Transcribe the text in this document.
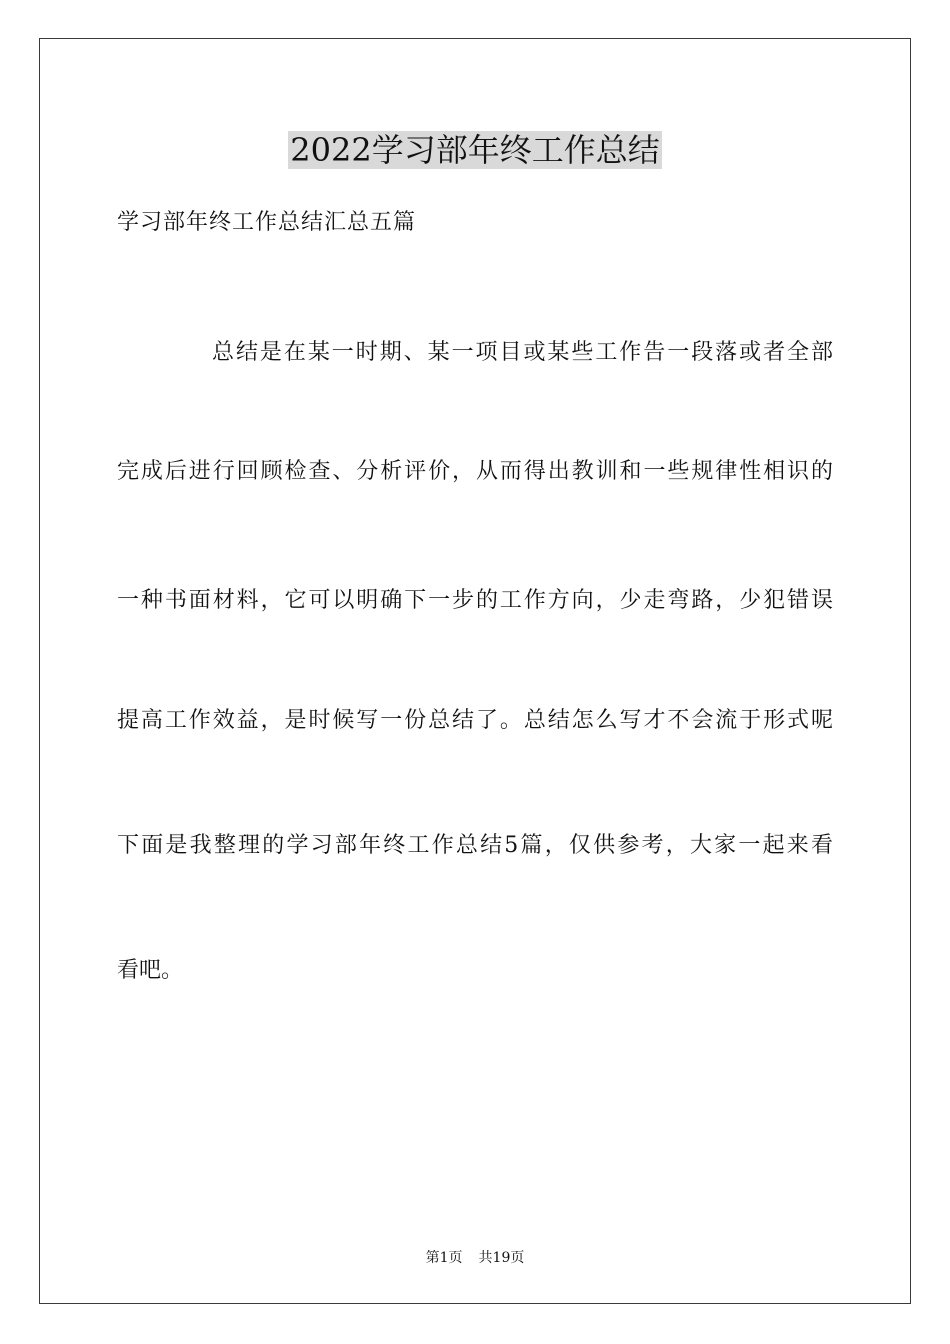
2022学习部年终工作总结

学习部年终工作总结汇总五篇

总结是在某一时期、某一项目或某些工作告一段落或者全部

完成后进行回顾检查、分析评价，从而得出教训和一些规律性相识的

一种书面材料，它可以明确下一步的工作方向，少走弯路，少犯错误

提高工作效益，是时候写一份总结了。总结怎么写才不会流于形式呢

下面是我整理的学习部年终工作总结5篇，仅供参考，大家一起来看

看吧。

第1页 共19页
